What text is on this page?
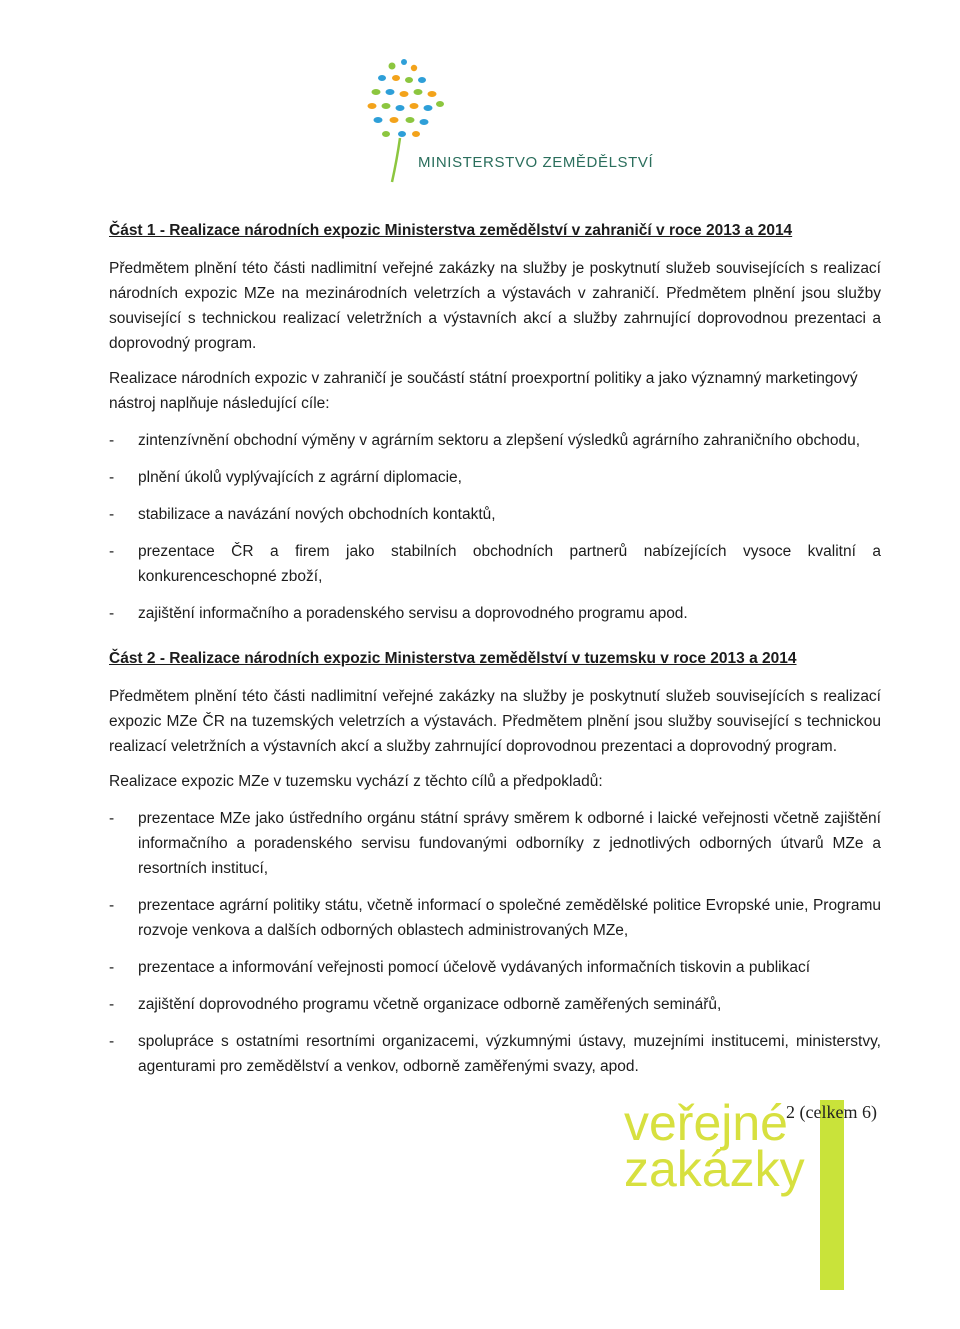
MINISTERSTVO ZEMĚDĚLSTVÍ
Část 1 - Realizace národních expozic Ministerstva zemědělství v zahraničí v roce 2013 a 2014

Předmětem plnění této části nadlimitní veřejné zakázky na služby je poskytnutí služeb souvisejících s realizací národních expozic MZe na mezinárodních veletrzích a výstavách v zahraničí. Předmětem plnění jsou služby související s technickou realizací veletržních a výstavních akcí a služby zahrnující doprovodnou prezentaci a doprovodný program.

Realizace národních expozic v zahraničí je součástí státní proexportní politiky a jako významný marketingový nástroj naplňuje následující cíle:

- zintenzívnění obchodní výměny v agrárním sektoru a zlepšení výsledků agrárního zahraničního obchodu,
- plnění úkolů vyplývajících z agrární diplomacie,
- stabilizace a navázání nových obchodních kontaktů,
- prezentace ČR a firem jako stabilních obchodních partnerů nabízejících vysoce kvalitní a konkurenceschopné zboží,
- zajištění informačního a poradenského servisu a doprovodného programu apod.
Část 2 - Realizace národních expozic Ministerstva zemědělství v tuzemsku v roce 2013 a 2014

Předmětem plnění této části nadlimitní veřejné zakázky na služby je poskytnutí služeb souvisejících s realizací expozic MZe ČR na tuzemských veletrzích a výstavách. Předmětem plnění jsou služby související s technickou realizací veletržních a výstavních akcí a služby zahrnující doprovodnou prezentaci a doprovodný program.

Realizace expozic MZe v tuzemsku vychází z těchto cílů a předpokladů:

- prezentace MZe jako ústředního orgánu státní správy směrem k odborné i laické veřejnosti včetně zajištění informačního a poradenského servisu fundovanými odborníky z jednotlivých odborných útvarů MZe a resortních institucí,
- prezentace agrární politiky státu, včetně informací o společné zemědělské politice Evropské unie, Programu rozvoje venkova a dalších odborných oblastech administrovaných MZe,
- prezentace a informování veřejnosti pomocí účelově vydávaných informačních tiskovin a publikací
- zajištění doprovodného programu včetně organizace odborně zaměřených seminářů,
- spolupráce s ostatními resortními organizacemi, výzkumnými ústavy, muzejními institucemi, ministerstvy, agenturami pro zemědělství a venkov, odborně zaměřenými svazy, apod.
veřejné
zakázky
2 (celkem 6)
